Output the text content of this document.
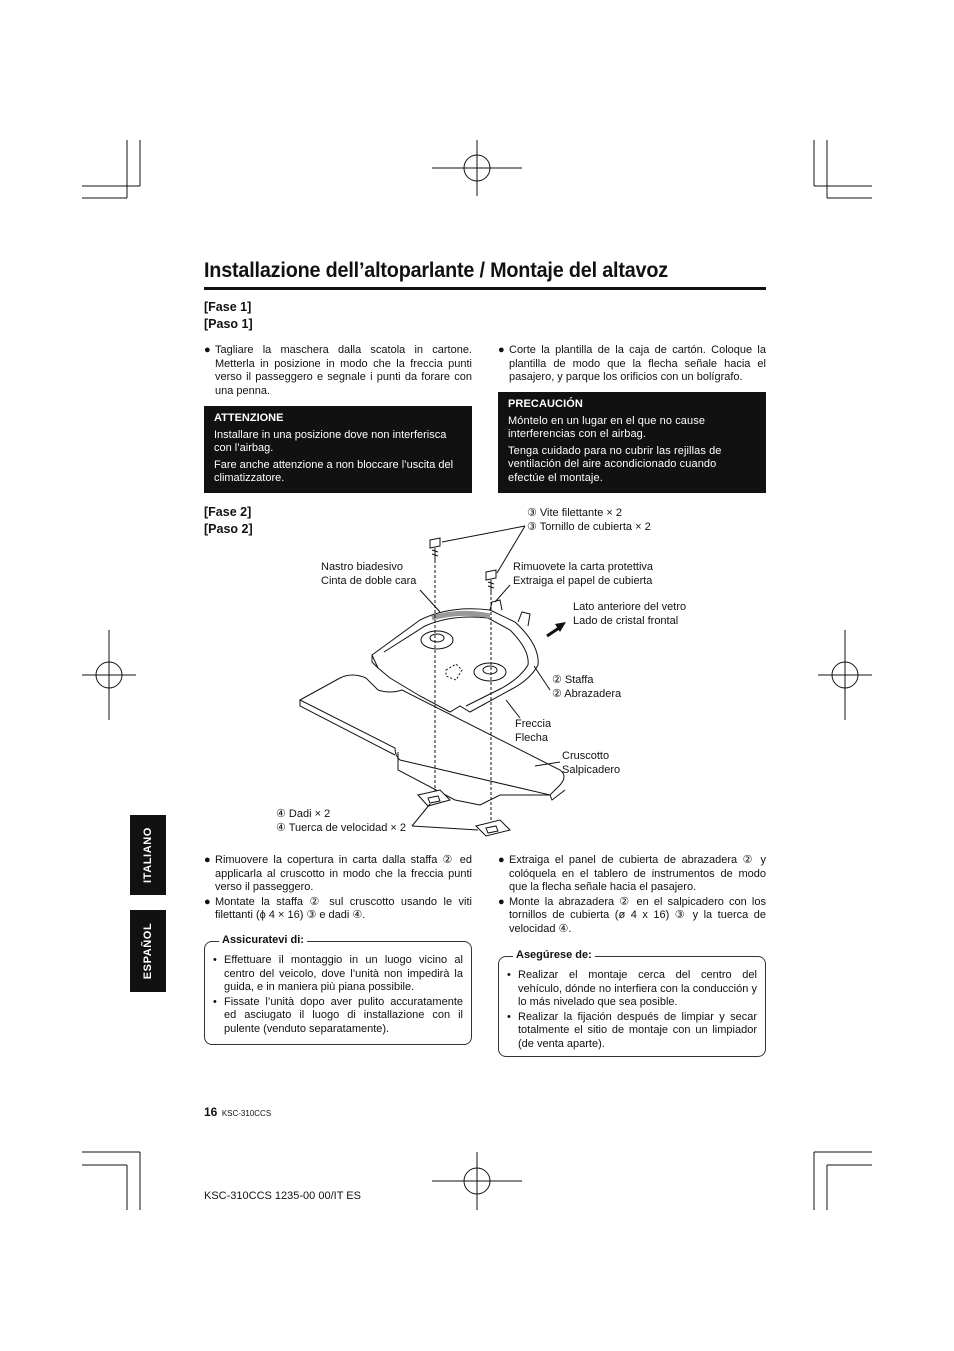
Installazione dell’altoparlante / Montaje del altavoz
[Fase 1]
[Paso 1]

● Tagliare la maschera dalla scatola in cartone. Metterla in posizione in modo che la freccia punti verso il passeggero e segnale i punti da forare con una penna.

● Corte la plantilla de la caja de cartón. Coloque la plantilla de modo que la flecha señale hacia el pasajero, y parque los orificios con un bolígrafo.

ATTENZIONE

Installare in una posizione dove non interferisca con l’airbag.

Fare anche attenzione a non bloccare l’uscita del climatizzatore.

PRECAUCIÓN

Móntelo en un lugar en el que no cause interferencias con el airbag.

Tenga cuidado para no cubrir las rejillas de ventilación del aire acondicionado cuando efectúe el montaje.

[Fase 2]
[Paso 2]
③ Vite filettante × 2
③ Tornillo de cubierta × 2
Nastro biadesivo
Cinta de doble cara
Rimuovete la carta protettiva
Extraiga el papel de cubierta
Lato anteriore del vetro
Lado de cristal frontal
② Staffa
② Abrazadera
Freccia
Flecha
Cruscotto
Salpicadero
④ Dadi × 2
④ Tuerca de velocidad × 2

● Rimuovere la copertura in carta dalla staffa ② ed applicarla al cruscotto in modo che la freccia punti verso il passeggero.

● Montate la staffa ② sul cruscotto usando le viti filettanti (ϕ 4 × 16) ③ e dadi ④.

● Extraiga el panel de cubierta de abrazadera ② y colóquela en el tablero de instrumentos de modo que la flecha señale hacia el pasajero.

● Monte la abrazadera ② en el salpicadero con los tornillos de cubierta (ø 4 x 16) ③ y la tuerca de velocidad ④.

Assicuratevi di:
• Effettuare il montaggio in un luogo vicino al centro del veicolo, dove l’unità non impedirà la guida, e in maniera più piana possibile.
• Fissate l’unità dopo aver pulito accuratamente ed asciugato il luogo di installazione con il pulente (venduto separatamente).
Asegúrese de:
• Realizar el montaje cerca del centro del vehículo, dónde no interfiera con la conducción y lo más nivelado que sea posible.
• Realizar la fijación después de limpiar y secar totalmente el sitio de montaje con un limpiador (de venta aparte).
ITALIANO
ESPAÑOL
16 KSC-310CCS
KSC-310CCS 1235-00 00/IT ES
